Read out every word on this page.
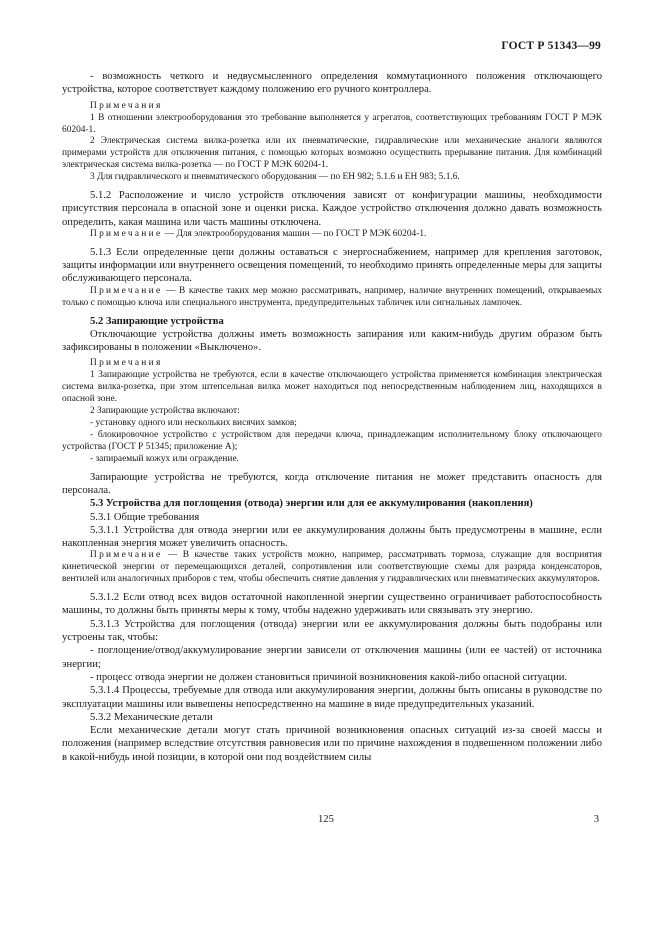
ГОСТ Р 51343—99

- возможность четкого и недвусмысленного определения коммутационного положения отключающего устройства, которое соответствует каждому положению его ручного контроллера.

Примечания

1 В отношении электрооборудования это требование выполняется у агрегатов, соответствующих требованиям ГОСТ Р МЭК 60204-1.

2 Электрическая система вилка-розетка или их пневматические, гидравлические или механические аналоги являются примерами устройств для отключения питания, с помощью которых возможно осуществить прерывание питания. Для комбинаций электрическая система вилка-розетка — по ГОСТ Р МЭК 60204-1.

3 Для гидравлического и пневматического оборудования — по ЕН 982; 5.1.6 и ЕН 983; 5.1.6.

5.1.2 Расположение и число устройств отключения зависят от конфигурации машины, необходимости присутствия персонала в опасной зоне и оценки риска. Каждое устройство отключения должно давать возможность определить, какая машина или часть машины отключена.

Примечание — Для электрооборудования машин — по ГОСТ Р МЭК 60204-1.

5.1.3 Если определенные цепи должны оставаться с энергоснабжением, например для крепления заготовок, защиты информации или внутреннего освещения помещений, то необходимо принять определенные меры для защиты обслуживающего персонала.

Примечание — В качестве таких мер можно рассматривать, например, наличие внутренних помещений, открываемых только с помощью ключа или специального инструмента, предупредительных табличек или сигнальных лампочек.

5.2 Запирающие устройства

Отключающие устройства должны иметь возможность запирания или каким-нибудь другим образом быть зафиксированы в положении «Выключено».

Примечания

1 Запирающие устройства не требуются, если в качестве отключающего устройства применяется комбинация электрическая система вилка-розетка, при этом штепсельная вилка может находиться под непосредственным наблюдением лиц, находящихся в опасной зоне.

2 Запирающие устройства включают:

- установку одного или нескольких висячих замков;

- блокировочное устройство с устройством для передачи ключа, принадлежащим исполнительному блоку отключающего устройства (ГОСТ Р 51345; приложение А);

- запираемый кожух или ограждение.

Запирающие устройства не требуются, когда отключение питания не может представить опасность для персонала.

5.3 Устройства для поглощения (отвода) энергии или для ее аккумулирования (накопления)

5.3.1 Общие требования

5.3.1.1 Устройства для отвода энергии или ее аккумулирования должны быть предусмотрены в машине, если накопленная энергия может увеличить опасность.

Примечание — В качестве таких устройств можно, например, рассматривать тормоза, служащие для восприятия кинетической энергии от перемещающихся деталей, сопротивления или соответствующие схемы для разряда конденсаторов, вентилей или аналогичных приборов с тем, чтобы обеспечить снятие давления у гидравлических или пневматических аккумуляторов.

5.3.1.2 Если отвод всех видов остаточной накопленной энергии существенно ограничивает работоспособность машины, то должны быть приняты меры к тому, чтобы надежно удерживать или связывать эту энергию.

5.3.1.3 Устройства для поглощения (отвода) энергии или ее аккумулирования должны быть подобраны или устроены так, чтобы:

- поглощение/отвод/аккумулирование энергии зависели от отключения машины (или ее частей) от источника энергии;

- процесс отвода энергии не должен становиться причиной возникновения какой-либо опасной ситуации.

5.3.1.4 Процессы, требуемые для отвода или аккумулирования энергии, должны быть описаны в руководстве по эксплуатации машины или вывешены непосредственно на машине в виде предупредительных указаний.

5.3.2 Механические детали

Если механические детали могут стать причиной возникновения опасных ситуаций из-за своей массы и положения (например вследствие отсутствия равновесия или по причине нахождения в подвешенном положении либо в какой-нибудь иной позиции, в которой они под воздействием силы

125	3
